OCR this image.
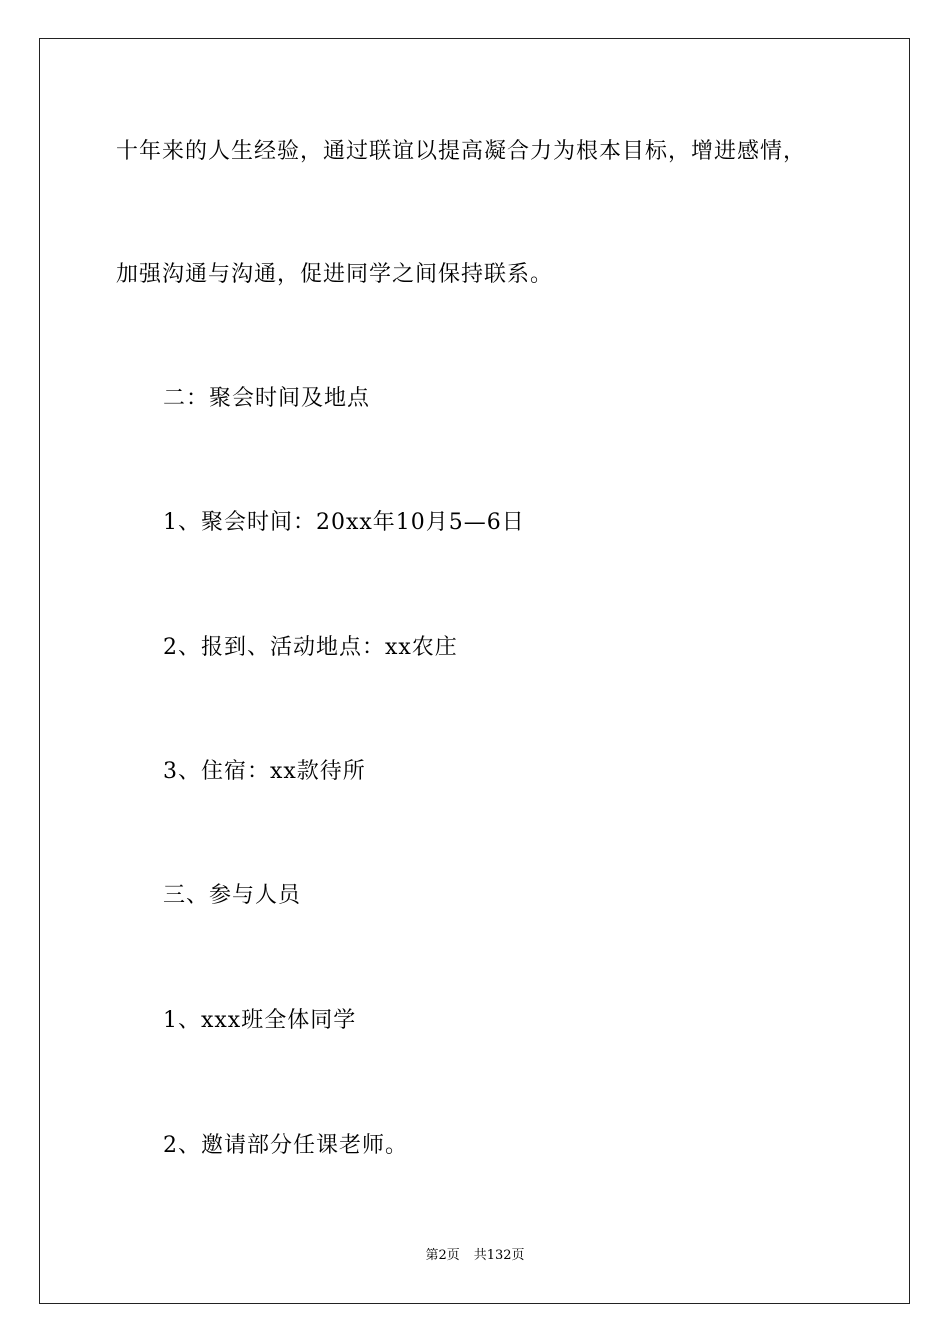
十年来的人生经验，通过联谊以提高凝合力为根本目标，增进感情，
加强沟通与沟通，促进同学之间保持联系。
二：聚会时间及地点
1、聚会时间：20xx年10月5—6日
2、报到、活动地点：xx农庄
3、住宿：xx款待所
三、参与人员
1、xxx班全体同学
2、邀请部分任课老师。
第2页 共132页
